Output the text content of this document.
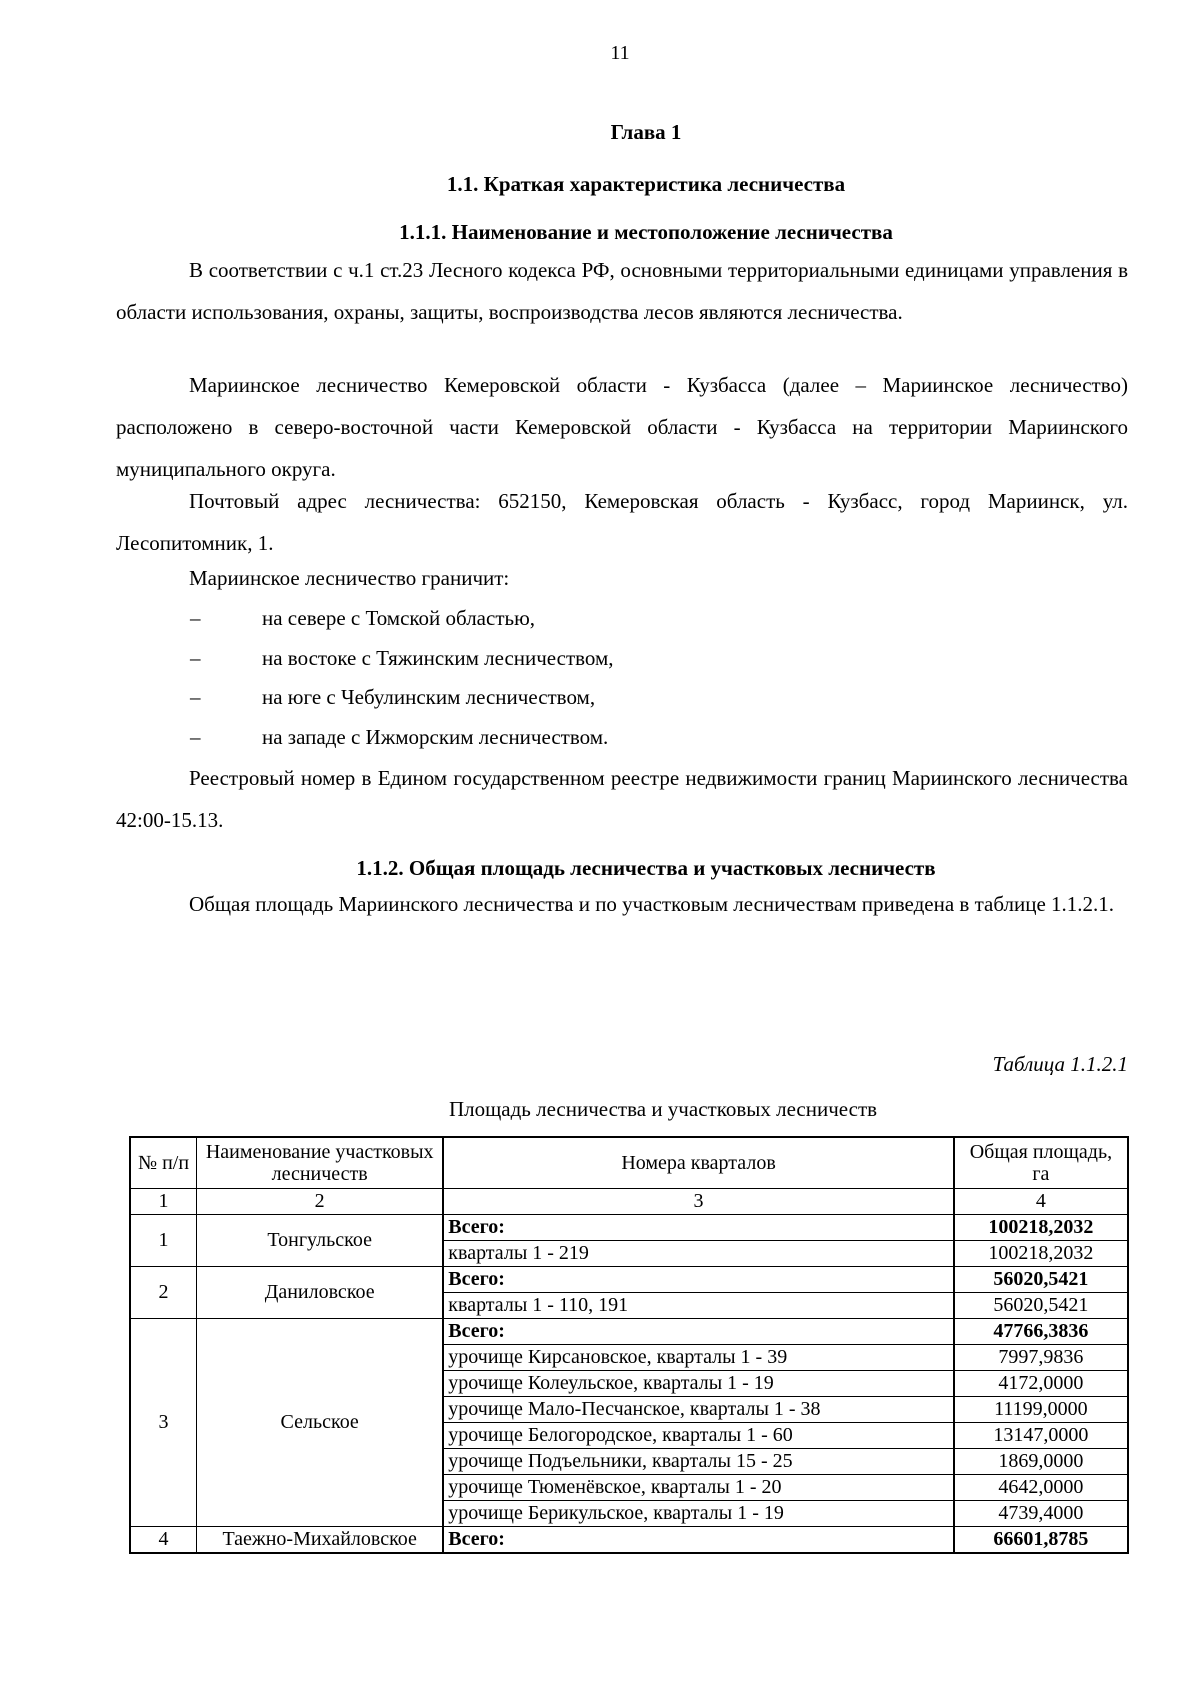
11
Глава 1
1.1. Краткая характеристика лесничества
1.1.1. Наименование и местоположение лесничества
В соответствии с ч.1 ст.23 Лесного кодекса РФ, основными территориальными единицами управления в области использования, охраны, защиты, воспроизводства лесов являются лесничества.
Мариинское лесничество Кемеровской области - Кузбасса (далее – Мариинское лесничество) расположено в северо-восточной части Кемеровской области - Кузбасса на территории Мариинского муниципального округа.
Почтовый адрес лесничества: 652150, Кемеровская область - Кузбасс, город Мариинск, ул. Лесопитомник, 1.
Мариинское лесничество граничит:
–	на севере с Томской областью,
–	на востоке с Тяжинским лесничеством,
–	на юге с Чебулинским лесничеством,
–	на западе с Ижморским лесничеством.
Реестровый номер в Едином государственном реестре недвижимости границ Мариинского лесничества 42:00-15.13.
1.1.2. Общая площадь лесничества и участковых лесничеств
Общая площадь Мариинского лесничества и по участковым лесничествам приведена в таблице 1.1.2.1.
Таблица 1.1.2.1
Площадь лесничества и участковых лесничеств
№ п/п	Наименование участковых лесничеств	Номера кварталов	Общая площадь, га
1	2	3	4
1	Тонгульское	Всего:	100218,2032
		кварталы 1 - 219	100218,2032
2	Даниловское	Всего:	56020,5421
		кварталы 1 - 110, 191	56020,5421
3	Сельское	Всего:	47766,3836
		урочище Кирсановское, кварталы 1 - 39	7997,9836
		урочище Колеульское, кварталы 1 - 19	4172,0000
		урочище Мало-Песчанское, кварталы 1 - 38	11199,0000
		урочище Белогородское, кварталы 1 - 60	13147,0000
		урочище Подъельники, кварталы 15 - 25	1869,0000
		урочище Тюменёвское, кварталы 1 - 20	4642,0000
		урочище Берикульское, кварталы 1 - 19	4739,4000
4	Таежно-Михайловское	Всего:	66601,8785
